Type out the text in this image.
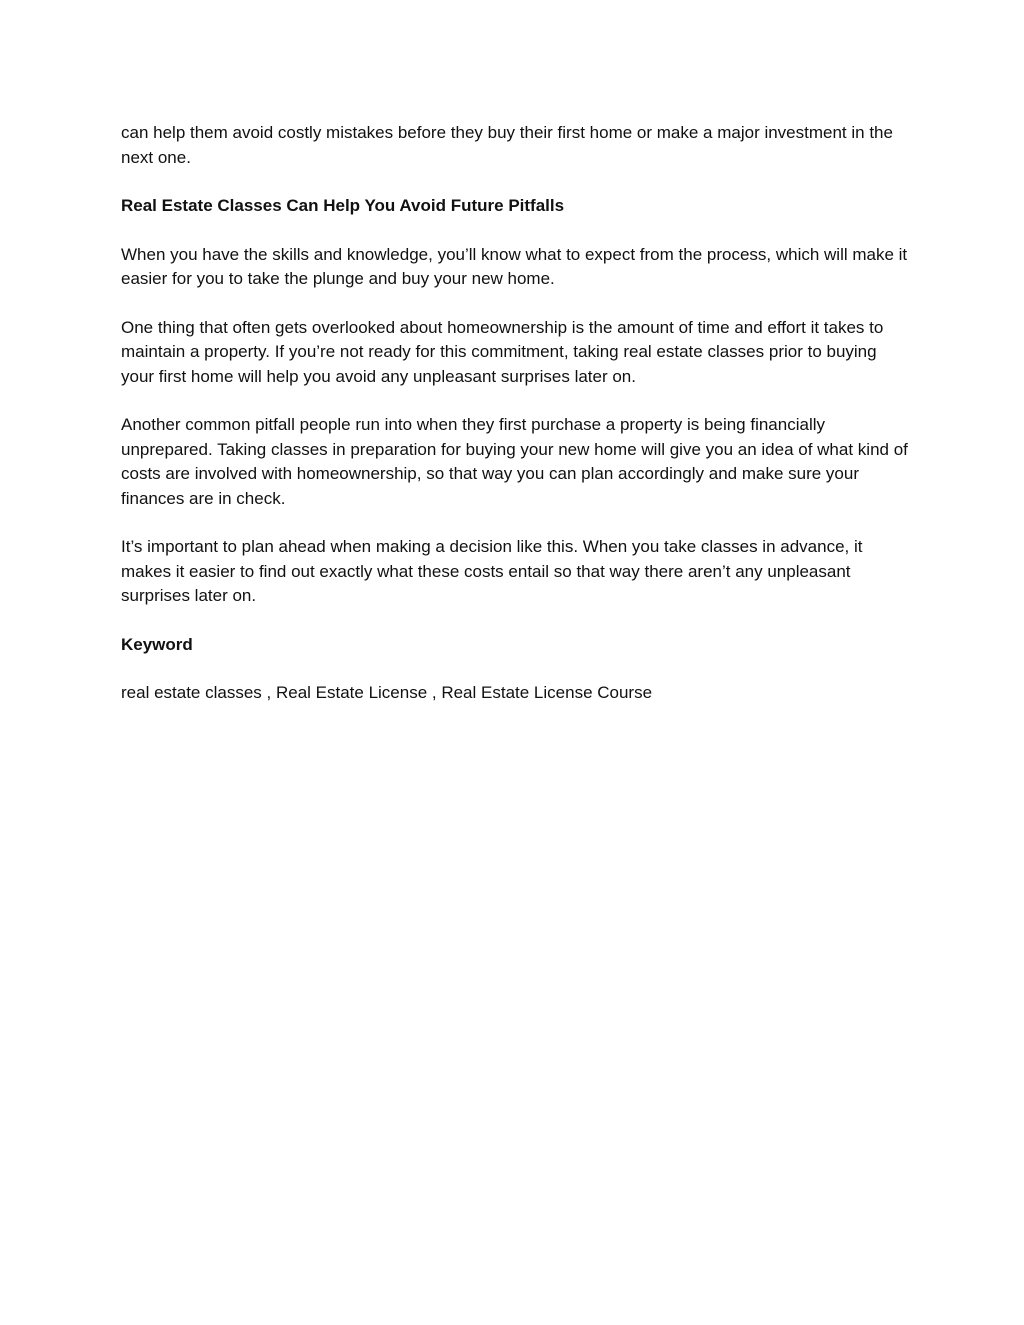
can help them avoid costly mistakes before they buy their first home or make a major investment in the next one.

Real Estate Classes Can Help You Avoid Future Pitfalls

When you have the skills and knowledge, you’ll know what to expect from the process, which will make it easier for you to take the plunge and buy your new home.

One thing that often gets overlooked about homeownership is the amount of time and effort it takes to maintain a property. If you’re not ready for this commitment, taking real estate classes prior to buying your first home will help you avoid any unpleasant surprises later on.

Another common pitfall people run into when they first purchase a property is being financially unprepared. Taking classes in preparation for buying your new home will give you an idea of what kind of costs are involved with homeownership, so that way you can plan accordingly and make sure your finances are in check.

It’s important to plan ahead when making a decision like this. When you take classes in advance, it makes it easier to find out exactly what these costs entail so that way there aren’t any unpleasant surprises later on.

Keyword

real estate classes , Real Estate License , Real Estate License Course
